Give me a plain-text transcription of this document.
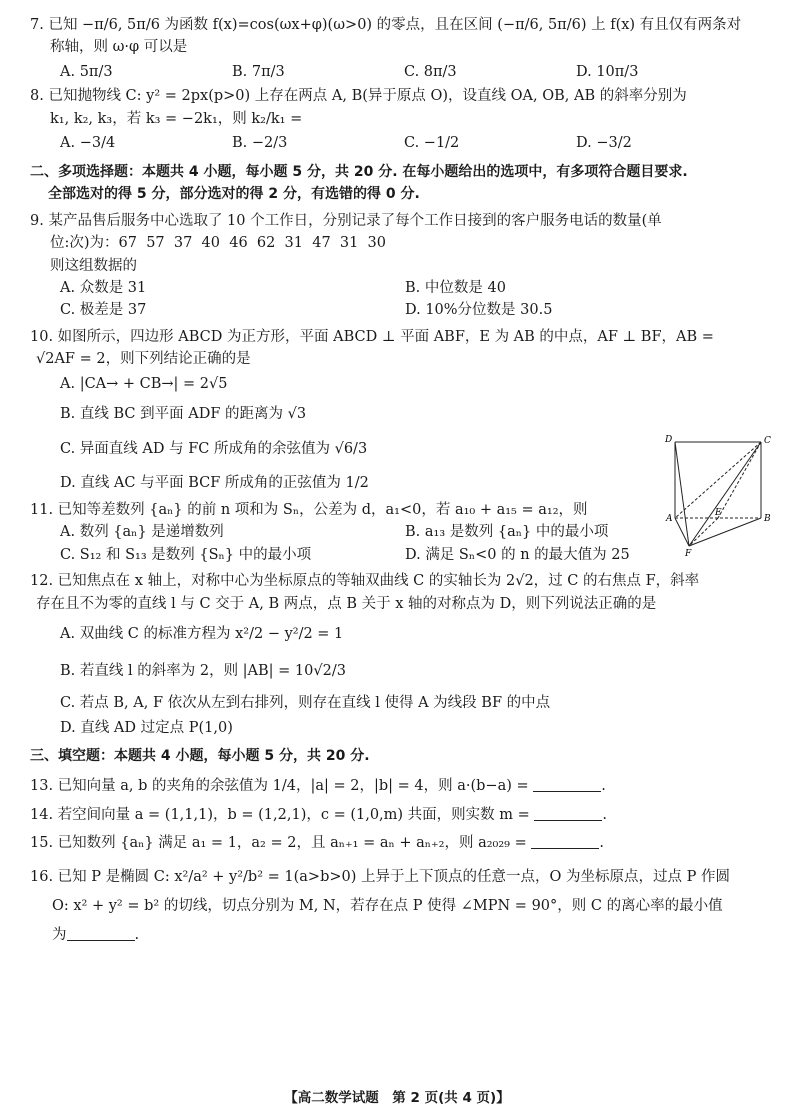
7. 已知 −π/6, 5π/6 为函数 f(x)=cos(ωx+φ)(ω>0) 的零点，且在区间 (−π/6, 5π/6) 上 f(x) 有且仅有两条对
称轴，则 ω·φ 可以是
A. 5π/3	B. 7π/3	C. 8π/3	D. 10π/3
8. 已知抛物线 C: y² = 2px(p>0) 上存在两点 A, B(异于原点 O)，设直线 OA, OB, AB 的斜率分别为
k₁, k₂, k₃，若 k₃ = −2k₁，则 k₂/k₁ =
A. −3/4	B. −2/3	C. −1/2	D. −3/2
二、多项选择题：本题共 4 小题，每小题 5 分，共 20 分. 在每小题给出的选项中，有多项符合题目要求.
全部选对的得 5 分，部分选对的得 2 分，有选错的得 0 分.
9. 某产品售后服务中心选取了 10 个工作日，分别记录了每个工作日接到的客户服务电话的数量(单
位:次)为：67  57  37  40  46  62  31  47  31  30
则这组数据的
A. 众数是 31	B. 中位数是 40
C. 极差是 37	D. 10%分位数是 30.5
10. 如图所示，四边形 ABCD 为正方形，平面 ABCD ⊥ 平面 ABF，E 为 AB 的中点，AF ⊥ BF，AB =
√2AF = 2，则下列结论正确的是
A. |CA→ + CB→| = 2√5
B. 直线 BC 到平面 ADF 的距离为 √3
C. 异面直线 AD 与 FC 所成角的余弦值为 √6/3
D. 直线 AC 与平面 BCF 所成角的正弦值为 1/2
11. 已知等差数列 {aₙ} 的前 n 项和为 Sₙ，公差为 d，a₁<0，若 a₁₀ + a₁₅ = a₁₂，则
A. 数列 {aₙ} 是递增数列	B. a₁₃ 是数列 {aₙ} 中的最小项
C. S₁₂ 和 S₁₃ 是数列 {Sₙ} 中的最小项	D. 满足 Sₙ<0 的 n 的最大值为 25
12. 已知焦点在 x 轴上，对称中心为坐标原点的等轴双曲线 C 的实轴长为 2√2，过 C 的右焦点 F，斜率
存在且不为零的直线 l 与 C 交于 A, B 两点，点 B 关于 x 轴的对称点为 D，则下列说法正确的是
A. 双曲线 C 的标准方程为 x²/2 − y²/2 = 1
B. 若直线 l 的斜率为 2，则 |AB| = 10√2/3
C. 若点 B, A, F 依次从左到右排列，则存在直线 l 使得 A 为线段 BF 的中点
D. 直线 AD 过定点 P(1,0)
三、填空题：本题共 4 小题，每小题 5 分，共 20 分.
13. 已知向量 a, b 的夹角的余弦值为 1/4，|a| = 2，|b| = 4，则 a·(b−a) =	.
14. 若空间向量 a = (1,1,1)，b = (1,2,1)，c = (1,0,m) 共面，则实数 m =	.
15. 已知数列 {aₙ} 满足 a₁ = 1，a₂ = 2，且 aₙ₊₁ = aₙ + aₙ₊₂，则 a₂₀₂₉ =	.
16. 已知 P 是椭圆 C: x²/a² + y²/b² = 1(a>b>0) 上异于上下顶点的任意一点，O 为坐标原点，过点 P 作圆
O: x² + y² = b² 的切线，切点分别为 M, N，若存在点 P 使得 ∠MPN = 90°，则 C 的离心率的最小值
为	.
D	C
A
E
B
F
【高二数学试题　第 2 页(共 4 页)】
